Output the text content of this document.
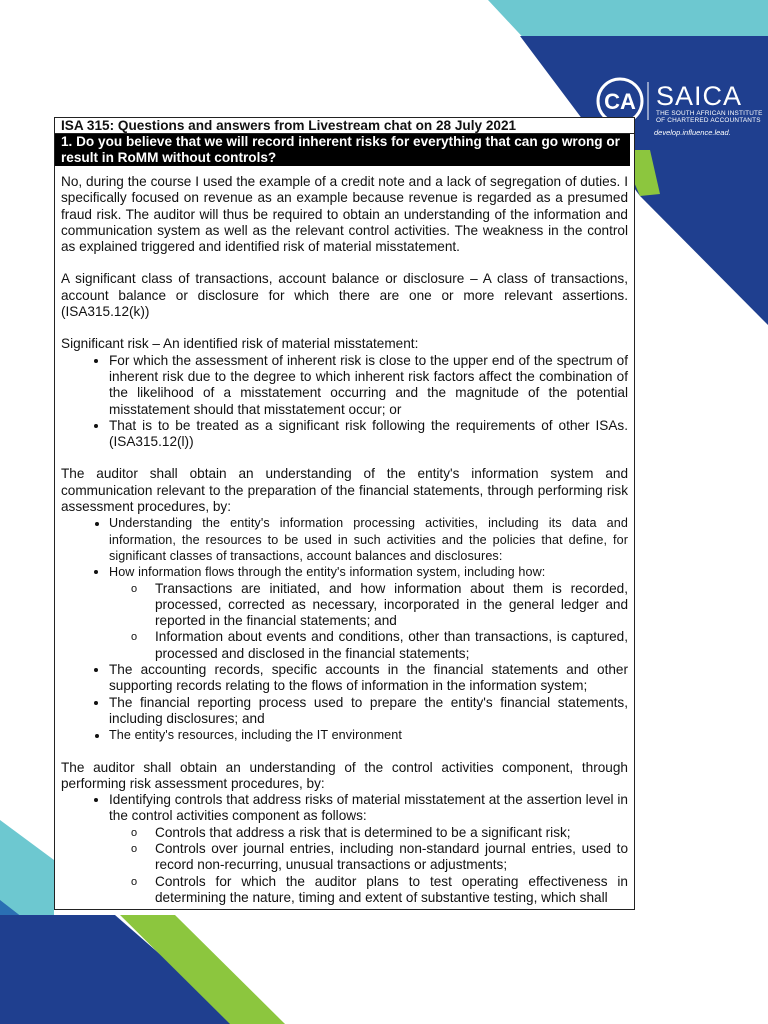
CA SAICA
THE SOUTH AFRICAN INSTITUTE
OF CHARTERED ACCOUNTANTS
develop.influence.lead.
ISA 315: Questions and answers from Livestream chat on 28 July 2021
1. Do you believe that we will record inherent risks for everything that can go wrong or result in RoMM without controls?

No, during the course I used the example of a credit note and a lack of segregation of duties. I specifically focused on revenue as an example because revenue is regarded as a presumed fraud risk. The auditor will thus be required to obtain an understanding of the information and communication system as well as the relevant control activities. The weakness in the control as explained triggered and identified risk of material misstatement.

A significant class of transactions, account balance or disclosure – A class of transactions, account balance or disclosure for which there are one or more relevant assertions. (ISA315.12(k))

Significant risk – An identified risk of material misstatement:

• For which the assessment of inherent risk is close to the upper end of the spectrum of inherent risk due to the degree to which inherent risk factors affect the combination of the likelihood of a misstatement occurring and the magnitude of the potential misstatement should that misstatement occur; or
• That is to be treated as a significant risk following the requirements of other ISAs. (ISA315.12(l))

The auditor shall obtain an understanding of the entity's information system and communication relevant to the preparation of the financial statements, through performing risk assessment procedures, by:

• Understanding the entity's information processing activities, including its data and information, the resources to be used in such activities and the policies that define, for significant classes of transactions, account balances and disclosures:
• How information flows through the entity's information system, including how:
o Transactions are initiated, and how information about them is recorded, processed, corrected as necessary, incorporated in the general ledger and reported in the financial statements; and
o Information about events and conditions, other than transactions, is captured, processed and disclosed in the financial statements;
• The accounting records, specific accounts in the financial statements and other supporting records relating to the flows of information in the information system;
• The financial reporting process used to prepare the entity's financial statements, including disclosures; and
• The entity's resources, including the IT environment

The auditor shall obtain an understanding of the control activities component, through performing risk assessment procedures, by:

• Identifying controls that address risks of material misstatement at the assertion level in the control activities component as follows:
o Controls that address a risk that is determined to be a significant risk;
o Controls over journal entries, including non-standard journal entries, used to record non-recurring, unusual transactions or adjustments;
o Controls for which the auditor plans to test operating effectiveness in determining the nature, timing and extent of substantive testing, which shall
